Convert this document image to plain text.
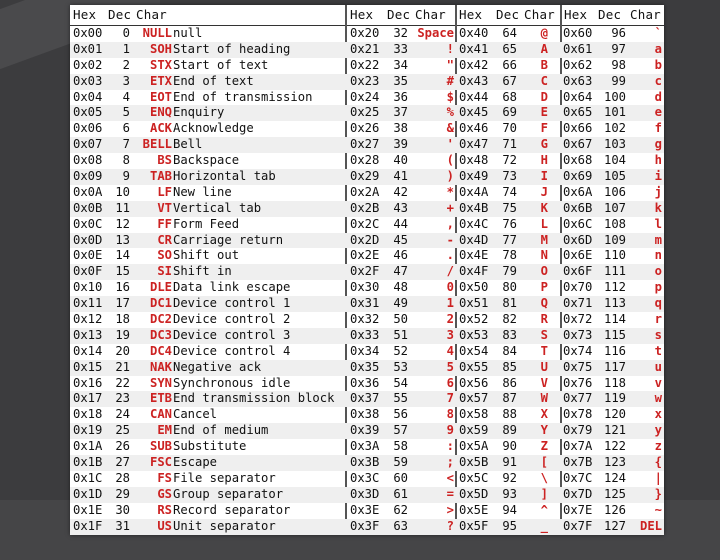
Hex Dec Char	Hex Dec Char Hex Dec Char Hex Dec Char
0x00	0	NULL null	0x20	32 Space 0x40	64	@ 0x60	96	`
0x01	1	SOH Start of heading	0x21	33	! 0x41	65	A 0x61	97	a
0x02	2	STX Start of text	0x22	34	" 0x42	66	B 0x62	98	b
0x03	3	ETX End of text	0x23	35	# 0x43	67	C 0x63	99	c
0x04	4	EOT End of transmission	0x24	36	$ 0x44	68	D 0x64 100	d
0x05	5	ENQ Enquiry	0x25	37	% 0x45	69	E 0x65 101	e
0x06	6	ACK Acknowledge	0x26	38	& 0x46	70	F 0x66 102	f
0x07	7	BELL Bell	0x27	39	' 0x47	71	G 0x67 103	g
0x08	8	BS Backspace	0x28	40	( 0x48	72	H 0x68 104	h
0x09	9	TAB Horizontal tab	0x29	41	) 0x49	73	I 0x69 105	i
0x0A	10	LF New line	0x2A	42	* 0x4A	74	J 0x6A 106	j
0x0B	11	VT Vertical tab	0x2B	43	+ 0x4B	75	K 0x6B 107	k
0x0C	12	FF Form Feed	0x2C	44	, 0x4C	76	L 0x6C 108	l
0x0D	13	CR Carriage return	0x2D	45	- 0x4D	77	M 0x6D 109	m
0x0E	14	SO Shift out	0x2E	46	. 0x4E	78	N 0x6E 110	n
0x0F	15	SI Shift in	0x2F	47	/ 0x4F	79	O 0x6F 111	o
0x10	16	DLE Data link escape	0x30	48	0 0x50	80	P 0x70 112	p
0x11	17	DC1 Device control 1	0x31	49	1 0x51	81	Q 0x71 113	q
0x12	18	DC2 Device control 2	0x32	50	2 0x52	82	R 0x72 114	r
0x13	19	DC3 Device control 3	0x33	51	3 0x53	83	S 0x73 115	s
0x14	20	DC4 Device control 4	0x34	52	4 0x54	84	T 0x74 116	t
0x15	21	NAK Negative ack	0x35	53	5 0x55	85	U 0x75 117	u
0x16	22	SYN Synchronous idle	0x36	54	6 0x56	86	V 0x76 118	v
0x17	23	ETB End transmission block	0x37	55	7 0x57	87	W 0x77 119	w
0x18	24	CAN Cancel	0x38	56	8 0x58	88	X 0x78 120	x
0x19	25	EM End of medium	0x39	57	9 0x59	89	Y 0x79 121	y
0x1A	26	SUB Substitute	0x3A	58	: 0x5A	90	Z 0x7A 122	z
0x1B	27	FSC Escape	0x3B	59	; 0x5B	91	[ 0x7B 123	{
0x1C	28	FS File separator	0x3C	60	< 0x5C	92	\ 0x7C 124	|
0x1D	29	GS Group separator	0x3D	61	= 0x5D	93	] 0x7D 125	}
0x1E	30	RS Record separator	0x3E	62	> 0x5E	94	^ 0x7E 126	~
0x1F	31	US Unit separator	0x3F	63	? 0x5F	95	_ 0x7F 127	DEL
